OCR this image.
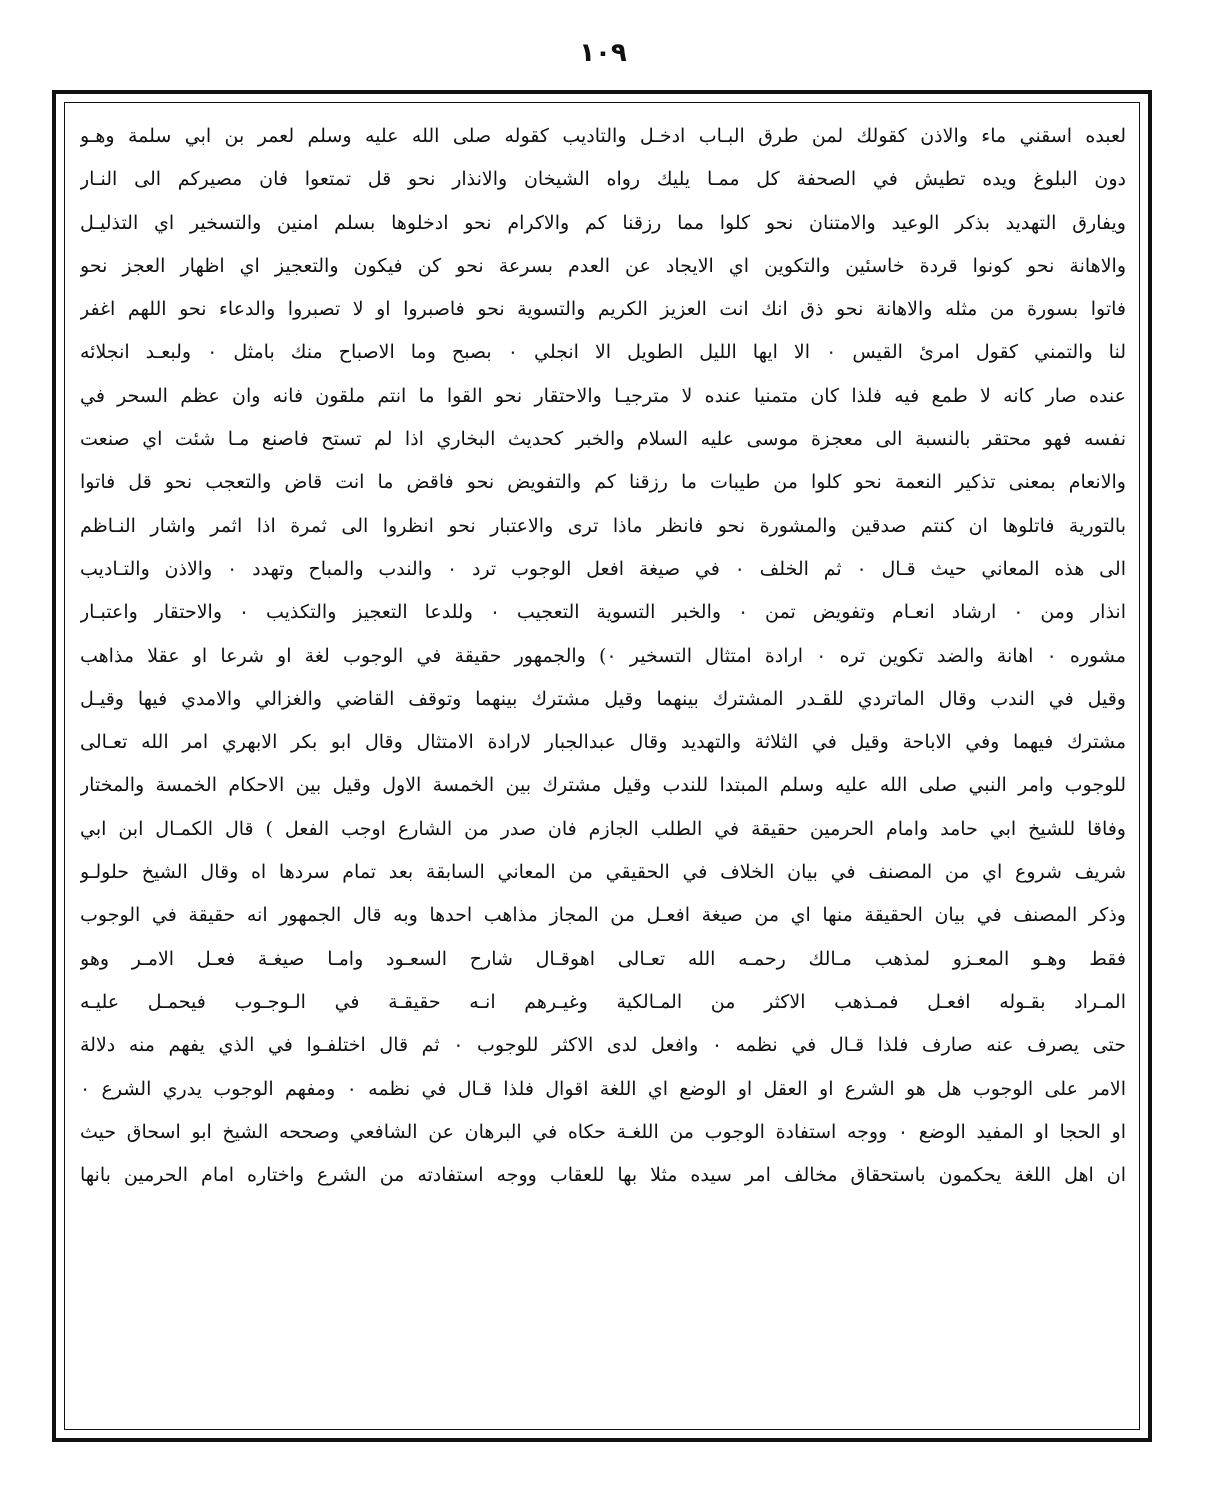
١٠٩
لعبده اسقني ماء والاذن كقولك لمن طرق البـاب ادخـل والتاديب كقوله صلى الله عليه وسلم لعمر بن ابي سلمة وهـو
دون البلوغ ويده تطيش في الصحفة كل ممـا يليك رواه الشيخان والانذار نحو قل تمتعوا فان مصيركم الى النـار
ويفارق التهديد بذكر الوعيد والامتنان نحو كلوا مما رزقنا كم والاكرام نحو ادخلوها بسلم امنين والتسخير اي التذليـل
والاهانة نحو كونوا قردة خاسئين والتكوين اي الايجاد عن العدم بسرعة نحو كن فيكون والتعجيز اي اظهار العجز نحو
فاتوا بسورة من مثله والاهانة نحو ذق انك انت العزيز الكريم والتسوية نحو فاصبروا او لا تصبروا والدعاء نحو اللهم اغفر
لنا والتمني كقول امرئ القيس ٠ الا ايها الليل الطويل الا انجلي ٠ بصبح وما الاصباح منك بامثل ٠ ولبعـد انجلائه
عنده صار كانه لا طمع فيه فلذا كان متمنيا عنده لا مترجيـا والاحتقار نحو القوا ما انتم ملقون فانه وان عظم السحر في
نفسه فهو محتقر بالنسبة الى معجزة موسى عليه السلام والخبر كحديث البخاري اذا لم تستح فاصنع مـا شئت اي صنعت
والانعام بمعنى تذكير النعمة نحو كلوا من طيبات ما رزقنا كم والتفويض نحو فاقض ما انت قاض والتعجب نحو قل فاتوا
بالتورية فاتلوها ان كنتم صدقين والمشورة نحو فانظر ماذا ترى والاعتبار نحو انظروا الى ثمرة اذا اثمر واشار النـاظم
الى هذه المعاني حيث قـال ٠ ثم الخلف ٠ في صيغة افعل الوجوب ترد ٠ والندب والمباح وتهدد ٠ والاذن والتـاديب
انذار ومن ٠ ارشاد انعـام وتفويض تمن ٠ والخبر التسوية التعجيب ٠ وللدعا التعجيز والتكذيب ٠ والاحتقار واعتبـار
مشوره ٠ اهانة والضد تكوين تره ٠ ارادة امتثال التسخير ٠) والجمهور حقيقة في الوجوب لغة او شرعا او عقلا مذاهب
وقيل في الندب وقال الماتردي للقـدر المشترك بينهما وقيل مشترك بينهما وتوقف القاضي والغزالي والامدي فيها وقيـل
مشترك فيهما وفي الاباحة وقيل في الثلاثة والتهديد وقال عبدالجبار لارادة الامتثال وقال ابو بكر الابهري امر الله تعـالى
للوجوب وامر النبي صلى الله عليه وسلم المبتدا للندب وقيل مشترك بين الخمسة الاول وقيل بين الاحكام الخمسة والمختار
وفاقا للشيخ ابي حامد وامام الحرمين حقيقة في الطلب الجازم فان صدر من الشارع اوجب الفعل ) قال الكمـال ابن ابي
شريف شروع اي من المصنف في بيان الخلاف في الحقيقي من المعاني السابقة بعد تمام سردها اه وقال الشيخ حلولـو
وذكر المصنف في بيان الحقيقة منها اي من صيغة افعـل من المجاز مذاهب احدها وبه قال الجمهور انه حقيقة في الوجوب
فقط وهـو المعـزو لمذهب مـالك رحمـه الله تعـالى اهوقـال شارح السعـود وامـا صيغـة فعـل الامـر وهو
المـراد بقـوله افعـل فمـذهب الاكثر من المـالكية وغيـرهم انـه حقيقـة في الـوجـوب فيحمـل عليـه
حتى يصرف عنه صارف فلذا قـال في نظمه ٠ وافعل لدى الاكثر للوجوب ٠ ثم قال اختلفـوا في الذي يفهم منه دلالة
الامر على الوجوب هل هو الشرع او العقل او الوضع اي اللغة اقوال فلذا قـال في نظمه ٠ ومفهم الوجوب يدري الشرع ٠
او الحجا او المفيد الوضع ٠ ووجه استفادة الوجوب من اللغـة حكاه في البرهان عن الشافعي وصححه الشيخ ابو اسحاق حيث
ان اهل اللغة يحكمون باستحقاق مخالف امر سيده مثلا بها للعقاب ووجه استفادته من الشرع واختاره امام الحرمين بانها
